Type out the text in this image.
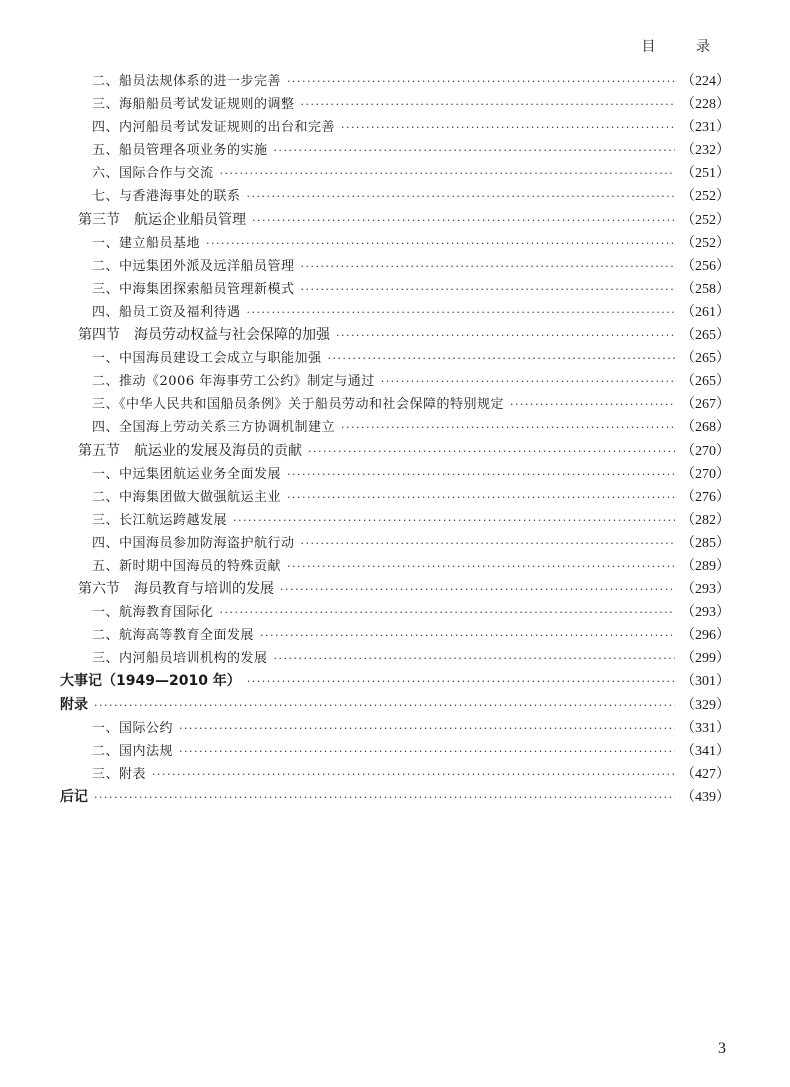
目 录
二、船员法规体系的进一步完善 ·····	（224）
三、海船船员考试发证规则的调整 ·····	（228）
四、内河船员考试发证规则的出台和完善 ·····	（231）
五、船员管理各项业务的实施 ·····	（232）
六、国际合作与交流 ·····	（251）
七、与香港海事处的联系 ·····	（252）
第三节　航运企业船员管理 ·····	（252）
一、建立船员基地 ·····	（252）
二、中远集团外派及远洋船员管理 ·····	（256）
三、中海集团探索船员管理新模式 ·····	（258）
四、船员工资及福利待遇 ·····	（261）
第四节　海员劳动权益与社会保障的加强 ·····	（265）
一、中国海员建设工会成立与职能加强 ·····	（265）
二、推动《2006 年海事劳工公约》制定与通过 ·····	（265）
三、《中华人民共和国船员条例》关于船员劳动和社会保障的特别规定 ·····	（267）
四、全国海上劳动关系三方协调机制建立 ·····	（268）
第五节　航运业的发展及海员的贡献 ·····	（270）
一、中远集团航运业务全面发展 ·····	（270）
二、中海集团做大做强航运主业 ·····	（276）
三、长江航运跨越发展 ·····	（282）
四、中国海员参加防海盗护航行动 ·····	（285）
五、新时期中国海员的特殊贡献 ·····	（289）
第六节　海员教育与培训的发展 ·····	（293）
一、航海教育国际化 ·····	（293）
二、航海高等教育全面发展 ·····	（296）
三、内河船员培训机构的发展 ·····	（299）
大事记（1949—2010 年） ·····	（301）
附录 ·····	（329）
一、国际公约 ·····	（331）
二、国内法规 ·····	（341）
三、附表 ·····	（427）
后记 ·····	（439）
3
